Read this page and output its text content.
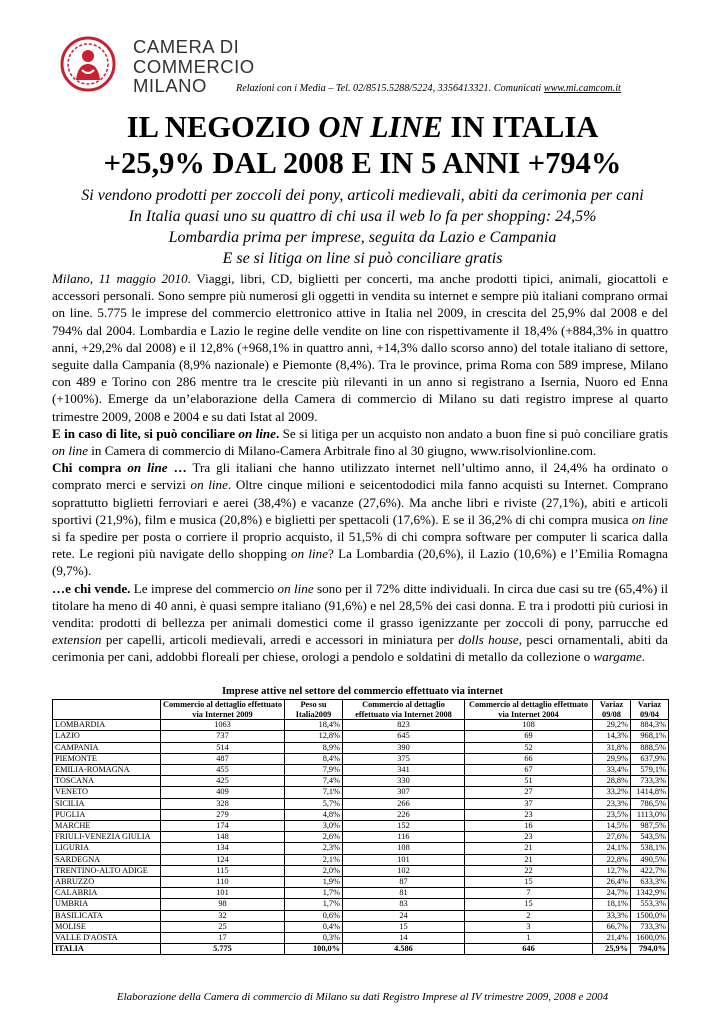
CAMERA DI
COMMERCIO
MILANO	Relazioni con i Media – Tel. 02/8515.5288/5224, 3356413321. Comunicati www.mi.camcom.it
IL NEGOZIO ON LINE IN ITALIA
+25,9% DAL 2008 E IN 5 ANNI +794%
Si vendono prodotti per zoccoli dei pony, articoli medievali, abiti da cerimonia per cani
In Italia quasi uno su quattro di chi usa il web lo fa per shopping: 24,5%
Lombardia prima per imprese, seguita da Lazio e Campania
E se si litiga on line si può conciliare gratis

Milano, 11 maggio 2010. Viaggi, libri, CD, biglietti per concerti, ma anche prodotti tipici, animali, giocattoli e accessori personali. Sono sempre più numerosi gli oggetti in vendita su internet e sempre più italiani comprano ormai on line. 5.775 le imprese del commercio elettronico attive in Italia nel 2009, in crescita del 25,9% dal 2008 e del 794% dal 2004. Lombardia e Lazio le regine delle vendite on line con rispettivamente il 18,4% (+884,3% in quattro anni, +29,2% dal 2008) e il 12,8% (+968,1% in quattro anni, +14,3% dallo scorso anno) del totale italiano di settore, seguite dalla Campania (8,9% nazionale) e Piemonte (8,4%). Tra le province, prima Roma con 589 imprese, Milano con 489 e Torino con 286 mentre tra le crescite più rilevanti in un anno si registrano a Isernia, Nuoro ed Enna (+100%). Emerge da un’elaborazione della Camera di commercio di Milano su dati registro imprese al quarto trimestre 2009, 2008 e 2004 e su dati Istat al 2009.

E in caso di lite, si può conciliare on line. Se si litiga per un acquisto non andato a buon fine si può conciliare gratis on line in Camera di commercio di Milano-Camera Arbitrale fino al 30 giugno, www.risolvionline.com.

Chi compra on line … Tra gli italiani che hanno utilizzato internet nell’ultimo anno, il 24,4% ha ordinato o comprato merci e servizi on line. Oltre cinque milioni e seicentododici mila fanno acquisti su Internet. Comprano soprattutto biglietti ferroviari e aerei (38,4%) e vacanze (27,6%). Ma anche libri e riviste (27,1%), abiti e articoli sportivi (21,9%), film e musica (20,8%) e biglietti per spettacoli (17,6%). E se il 36,2% di chi compra musica on line si fa spedire per posta o corriere il proprio acquisto, il 51,5% di chi compra software per computer li scarica dalla rete. Le regioni più navigate dello shopping on line? La Lombardia (20,6%), il Lazio (10,6%) e l’Emilia Romagna (9,7%).

…e chi vende. Le imprese del commercio on line sono per il 72% ditte individuali. In circa due casi su tre (65,4%) il titolare ha meno di 40 anni, è quasi sempre italiano (91,6%) e nel 28,5% dei casi donna. E tra i prodotti più curiosi in vendita: prodotti di bellezza per animali domestici come il grasso igenizzante per zoccoli di pony, parrucche ed extension per capelli, articoli medievali, arredi e accessori in miniatura per dolls house, pesci ornamentali, abiti da cerimonia per cani, addobbi floreali per chiese, orologi a pendolo e soldatini di metallo da collezione o wargame.

Imprese attive nel settore del commercio effettuato via internet
	Commercio al dettaglio effettuato via Internet 2009	Peso su Italia2009	Commercio al dettaglio effettuato via Internet 2008	Commercio al dettaglio effettuato via Internet 2004	Variaz 09/08	Variaz 09/04
LOMBARDIA	1063	18,4%	823	108	29,2%	884,3%
LAZIO	737	12,8%	645	69	14,3%	968,1%
CAMPANIA	514	8,9%	390	52	31,8%	888,5%
PIEMONTE	487	8,4%	375	66	29,9%	637,9%
EMILIA-ROMAGNA	455	7,9%	341	67	33,4%	579,1%
TOSCANA	425	7,4%	330	51	28,8%	733,3%
VENETO	409	7,1%	307	27	33,2%	1414,8%
SICILIA	328	5,7%	266	37	23,3%	786,5%
PUGLIA	279	4,8%	226	23	23,5%	1113,0%
MARCHE	174	3,0%	152	16	14,5%	987,5%
FRIULI-VENEZIA GIULIA	148	2,6%	116	23	27,6%	543,5%
LIGURIA	134	2,3%	108	21	24,1%	538,1%
SARDEGNA	124	2,1%	101	21	22,8%	490,5%
TRENTINO-ALTO ADIGE	115	2,0%	102	22	12,7%	422,7%
ABRUZZO	110	1,9%	87	15	26,4%	633,3%
CALABRIA	101	1,7%	81	7	24,7%	1342,9%
UMBRIA	98	1,7%	83	15	18,1%	553,3%
BASILICATA	32	0,6%	24	2	33,3%	1500,0%
MOLISE	25	0,4%	15	3	66,7%	733,3%
VALLE D'AOSTA	17	0,3%	14	1	21,4%	1600,0%
ITALIA	5.775	100,0%	4.586	646	25,9%	794,0%
Elaborazione della Camera di commercio di Milano su dati Registro Imprese al IV trimestre 2009, 2008 e 2004
